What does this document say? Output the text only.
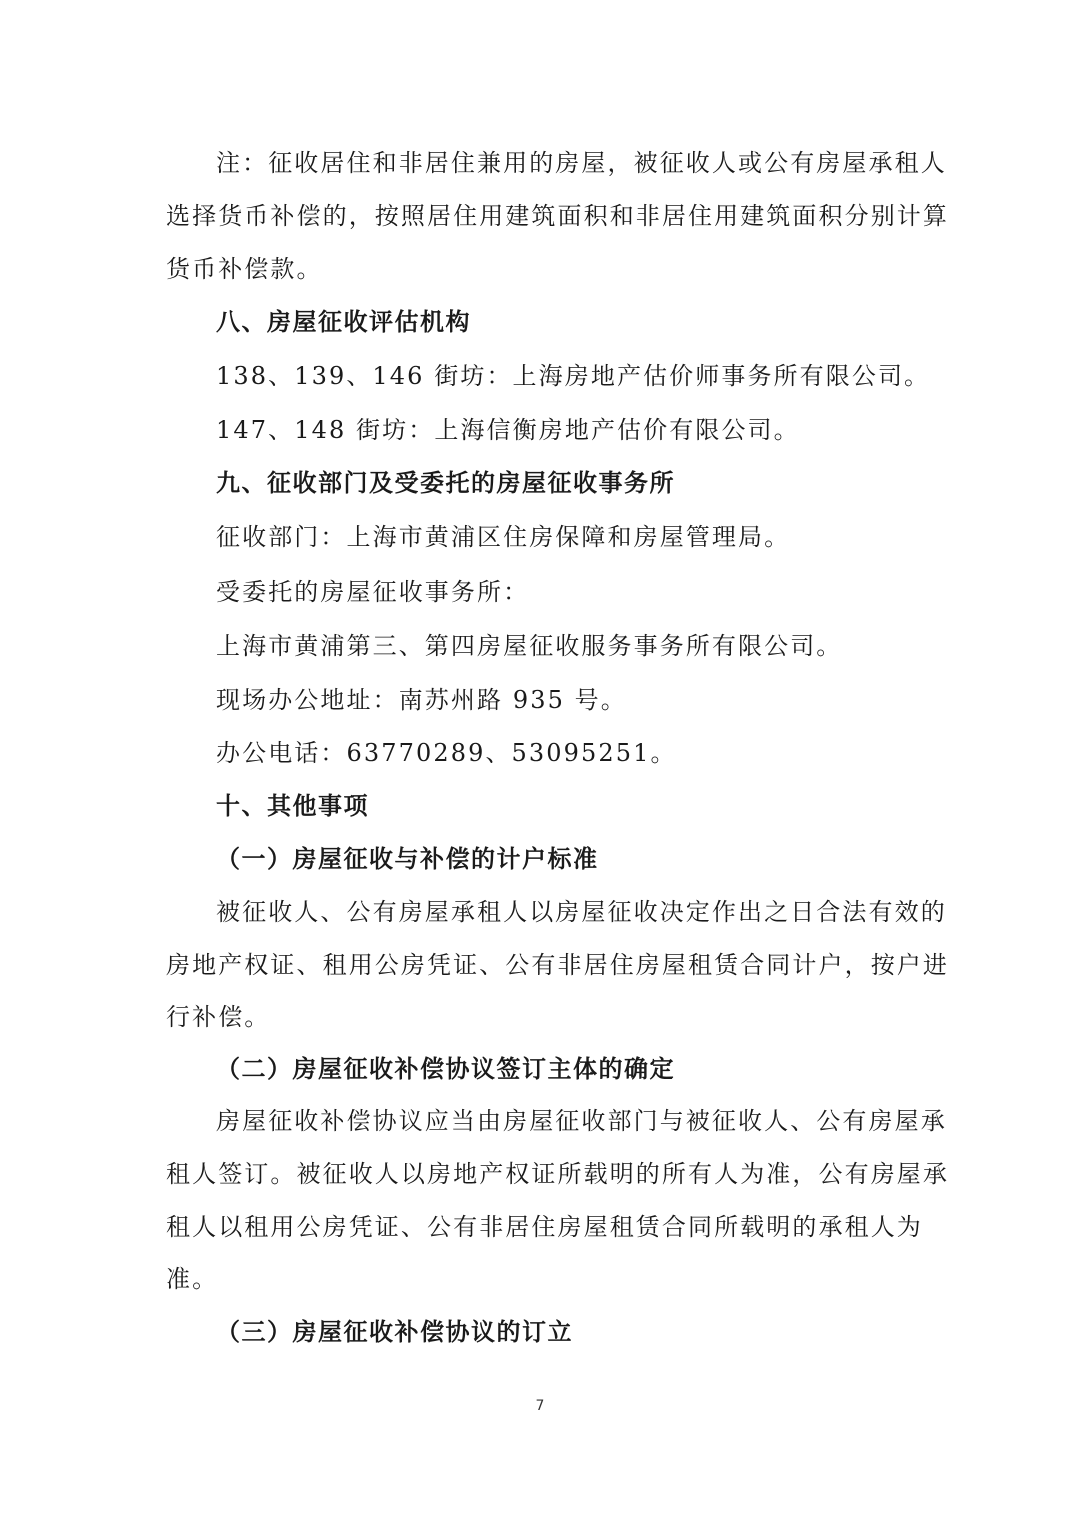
注：征收居住和非居住兼用的房屋，被征收人或公有房屋承租人
选择货币补偿的，按照居住用建筑面积和非居住用建筑面积分别计算
货币补偿款。
八、房屋征收评估机构
138、139、146 街坊：上海房地产估价师事务所有限公司。
147、148 街坊：上海信衡房地产估价有限公司。
九、征收部门及受委托的房屋征收事务所
征收部门：上海市黄浦区住房保障和房屋管理局。
受委托的房屋征收事务所：
上海市黄浦第三、第四房屋征收服务事务所有限公司。
现场办公地址：南苏州路 935 号。
办公电话：63770289、53095251。
十、其他事项
（一）房屋征收与补偿的计户标准
被征收人、公有房屋承租人以房屋征收决定作出之日合法有效的
房地产权证、租用公房凭证、公有非居住房屋租赁合同计户，按户进
行补偿。
（二）房屋征收补偿协议签订主体的确定
房屋征收补偿协议应当由房屋征收部门与被征收人、公有房屋承
租人签订。被征收人以房地产权证所载明的所有人为准，公有房屋承
租人以租用公房凭证、公有非居住房屋租赁合同所载明的承租人为
准。
（三）房屋征收补偿协议的订立
7
